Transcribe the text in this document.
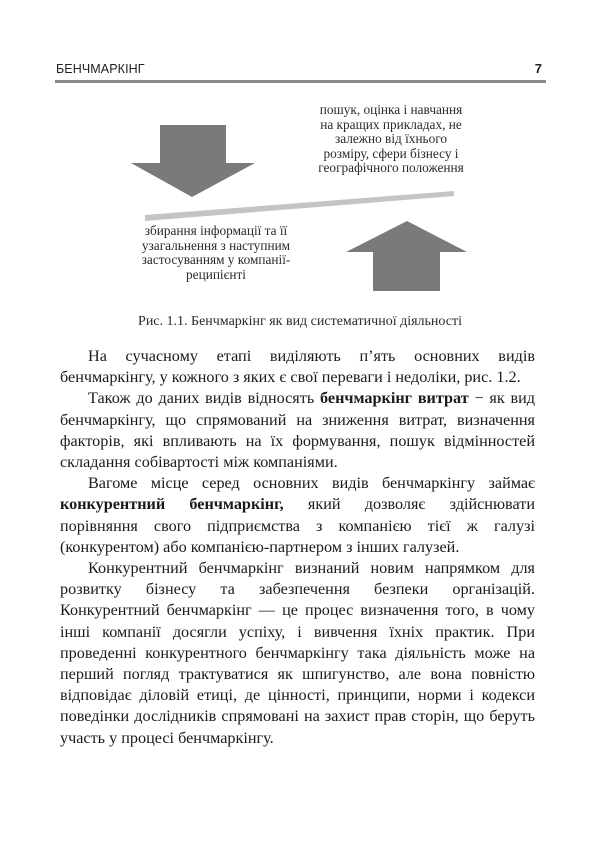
БЕНЧМАРКІНГ	7
пошук, оцінка і навчання на кращих прикладах, не залежно від їхнього розміру, сфери бізнесу і географічного положення
збирання інформації та її узагальнення з наступним застосуванням у компанії-реципієнті
Рис. 1.1. Бенчмаркінг як вид систематичної діяльності

На сучасному етапі виділяють п’ять основних видів бенчмаркінгу, у кожного з яких є свої переваги і недоліки, рис. 1.2.

Також до даних видів відносять бенчмаркінг витрат − як вид бенчмаркінгу, що спрямований на зниження витрат, визначення факторів, які впливають на їх формування, пошук відмінностей складання собівартості між компаніями.

Вагоме місце серед основних видів бенчмаркінгу займає конкурентний бенчмаркінг, який дозволяє здійснювати порівняння свого підприємства з компанією тієї ж галузі (конкурентом) або компанією-партнером з інших галузей.

Конкурентний бенчмаркінг визнаний новим напрямком для розвитку бізнесу та забезпечення безпеки організацій. Конкурентний бенчмаркінг — це процес визначення того, в чому інші компанії досягли успіху, і вивчення їхніх практик. При проведенні конкурентного бенчмаркінгу така діяльність може на перший погляд трактуватися як шпигунство, але вона повністю відповідає діловій етиці, де цінності, принципи, норми і кодекси поведінки дослідників спрямовані на захист прав сторін, що беруть участь у процесі бенчмаркінгу.
